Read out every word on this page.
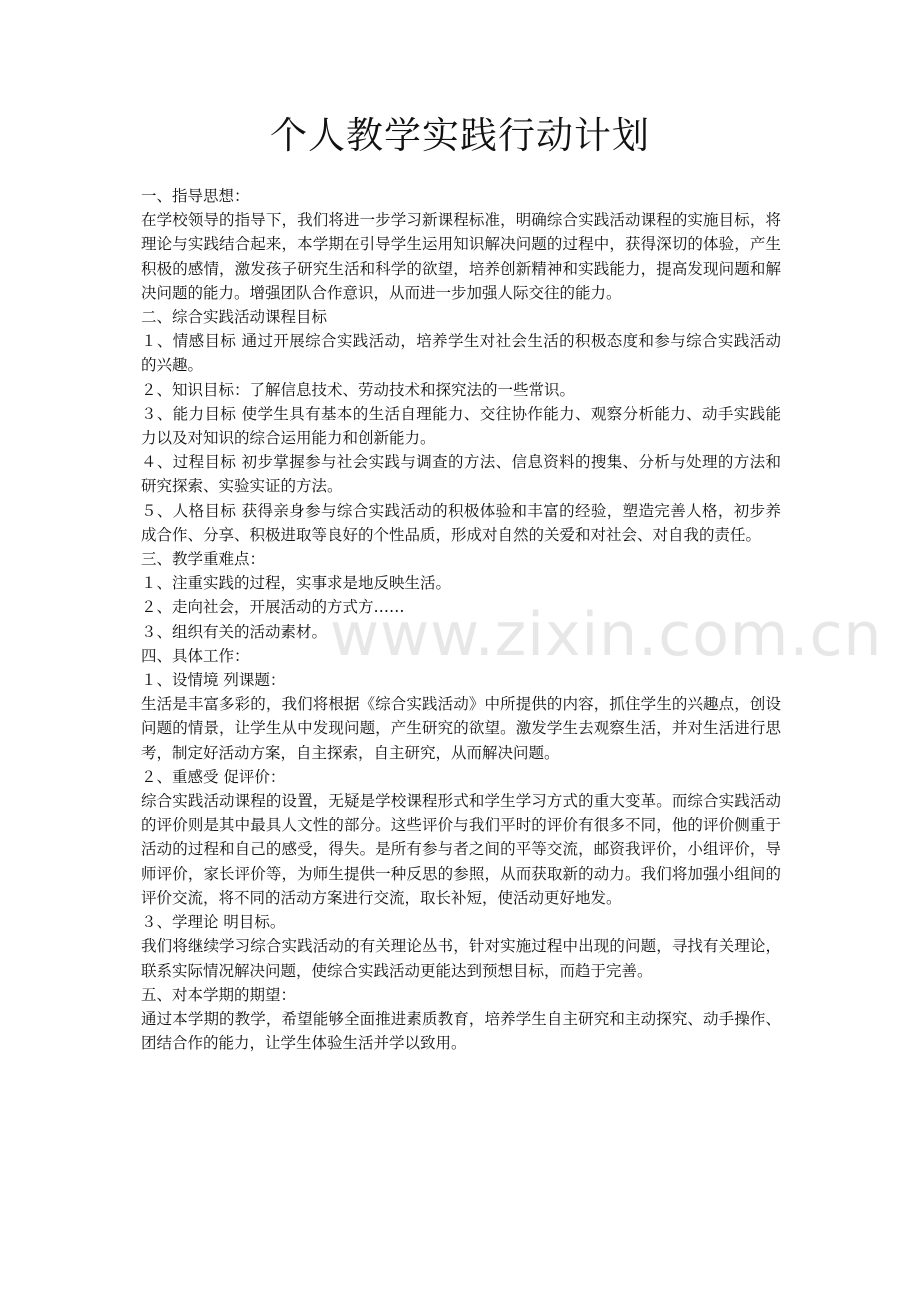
个人教学实践行动计划

一、指导思想：

在学校领导的指导下，我们将进一步学习新课程标准，明确综合实践活动课程的实施目标，将理论与实践结合起来，本学期在引导学生运用知识解决问题的过程中，获得深切的体验，产生积极的感情，激发孩子研究生活和科学的欲望，培养创新精神和实践能力，提高发现问题和解决问题的能力。增强团队合作意识，从而进一步加强人际交往的能力。

二、综合实践活动课程目标

１、情感目标 通过开展综合实践活动，培养学生对社会生活的积极态度和参与综合实践活动的兴趣。

２、知识目标：了解信息技术、劳动技术和探究法的一些常识。

３、能力目标 使学生具有基本的生活自理能力、交往协作能力、观察分析能力、动手实践能力以及对知识的综合运用能力和创新能力。

４、过程目标 初步掌握参与社会实践与调查的方法、信息资料的搜集、分析与处理的方法和研究探索、实验实证的方法。

５、人格目标 获得亲身参与综合实践活动的积极体验和丰富的经验，塑造完善人格，初步养成合作、分享、积极进取等良好的个性品质，形成对自然的关爱和对社会、对自我的责任。

三、教学重难点：

１、注重实践的过程，实事求是地反映生活。

２、走向社会，开展活动的方式方……

３、组织有关的活动素材。

四、具体工作：

１、设情境 列课题：

生活是丰富多彩的，我们将根据《综合实践活动》中所提供的内容，抓住学生的兴趣点，创设问题的情景，让学生从中发现问题，产生研究的欲望。激发学生去观察生活，并对生活进行思考，制定好活动方案，自主探索，自主研究，从而解决问题。

２、重感受 促评价：

综合实践活动课程的设置，无疑是学校课程形式和学生学习方式的重大变革。而综合实践活动的评价则是其中最具人文性的部分。这些评价与我们平时的评价有很多不同，他的评价侧重于活动的过程和自己的感受，得失。是所有参与者之间的平等交流，邮资我评价，小组评价，导师评价，家长评价等，为师生提供一种反思的参照，从而获取新的动力。我们将加强小组间的评价交流，将不同的活动方案进行交流，取长补短，使活动更好地发。

３、学理论 明目标。

我们将继续学习综合实践活动的有关理论丛书，针对实施过程中出现的问题，寻找有关理论，联系实际情况解决问题，使综合实践活动更能达到预想目标，而趋于完善。

五、对本学期的期望：

通过本学期的教学，希望能够全面推进素质教育，培养学生自主研究和主动探究、动手操作、团结合作的能力，让学生体验生活并学以致用。

www.zixin.com.cn
